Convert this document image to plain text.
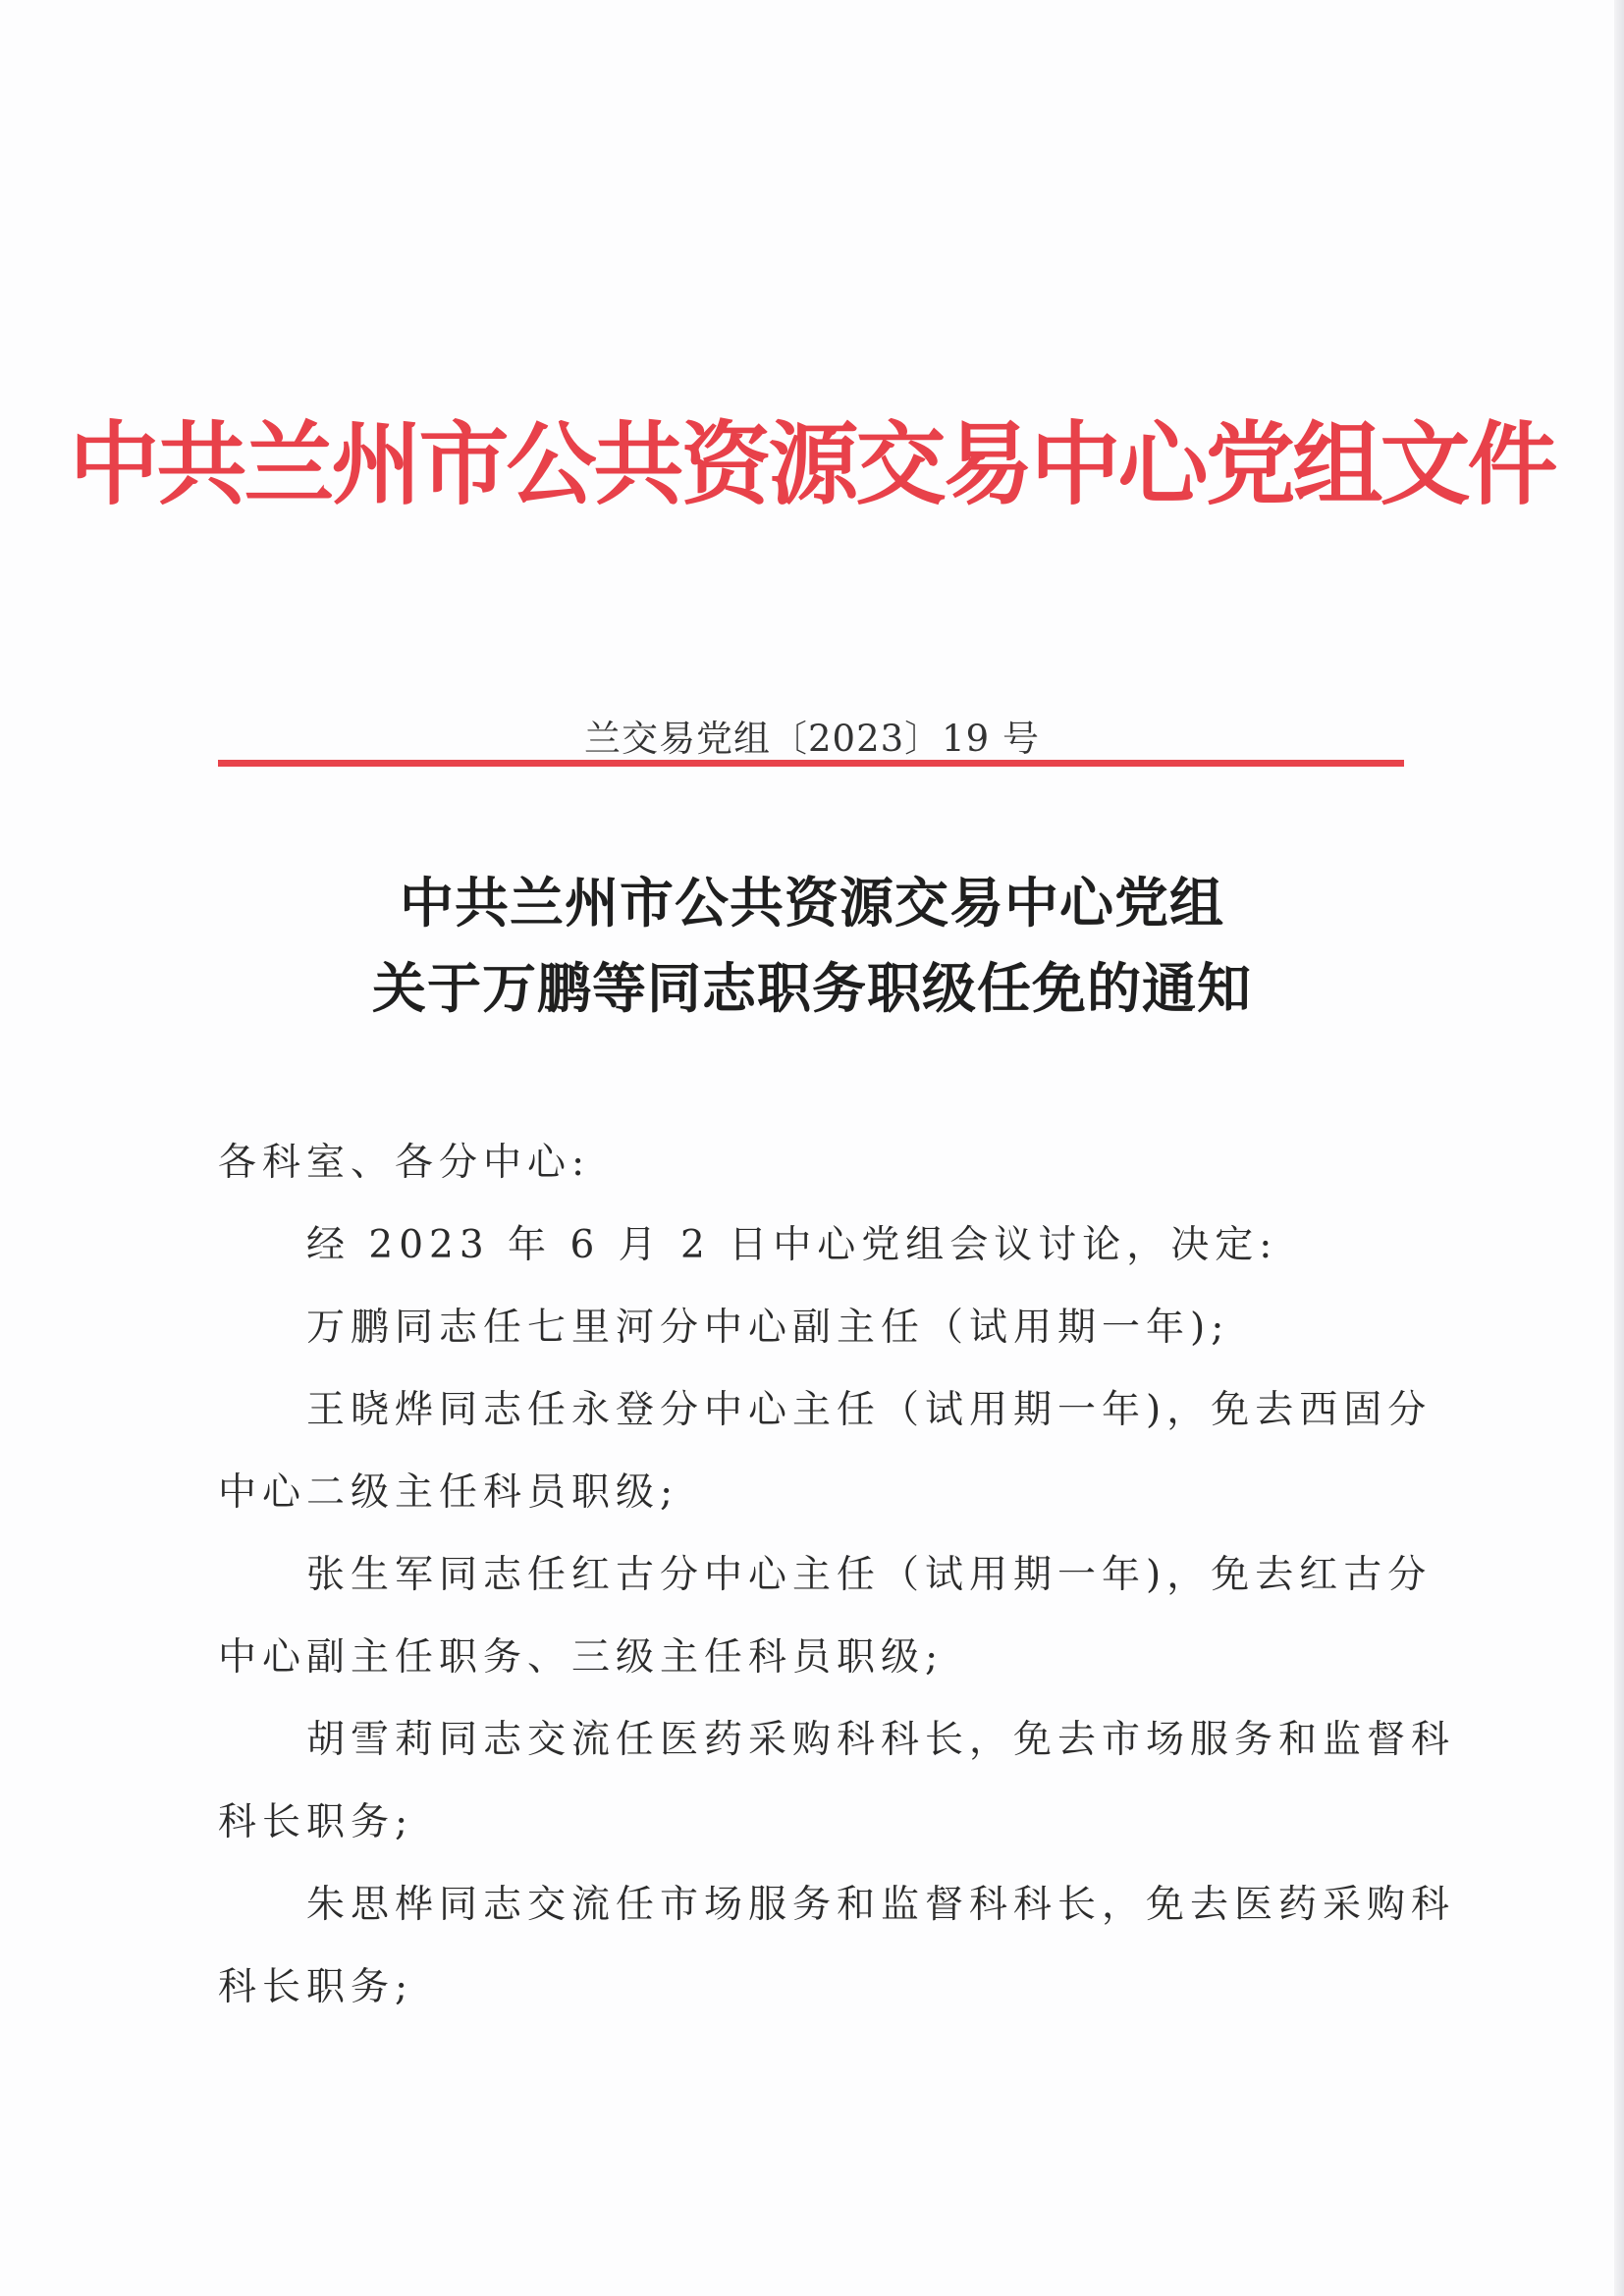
中共兰州市公共资源交易中心党组文件
兰交易党组〔2023〕19 号
中共兰州市公共资源交易中心党组
关于万鹏等同志职务职级任免的通知
各科室、各分中心:
经 2023 年 6 月 2 日中心党组会议讨论，决定:
万鹏同志任七里河分中心副主任（试用期一年);
王晓烨同志任永登分中心主任（试用期一年)，免去西固分
中心二级主任科员职级;
张生军同志任红古分中心主任（试用期一年)，免去红古分
中心副主任职务、三级主任科员职级;
胡雪莉同志交流任医药采购科科长，免去市场服务和监督科
科长职务;
朱思桦同志交流任市场服务和监督科科长，免去医药采购科
科长职务;
